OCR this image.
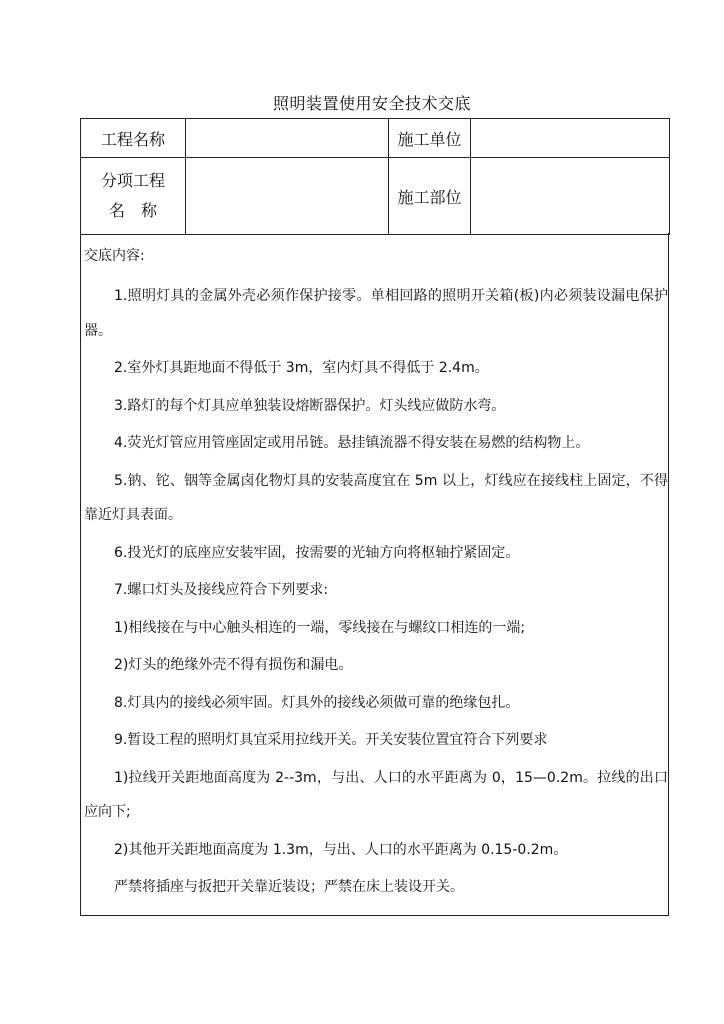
照明装置使用安全技术交底
工程名称		施工单位	

分项工程
名　称		施工部位	
交底内容:

1.照明灯具的金属外壳必须作保护接零。单相回路的照明开关箱(板)内必须装设漏电保护器。

2.室外灯具距地面不得低于 3m，室内灯具不得低于 2.4m。

3.路灯的每个灯具应单独装设熔断器保护。灯头线应做防水弯。

4.荧光灯管应用管座固定或用吊链。悬挂镇流器不得安装在易燃的结构物上。

5.钠、铊、铟等金属卤化物灯具的安装高度宜在 5m 以上，灯线应在接线柱上固定，不得靠近灯具表面。

6.投光灯的底座应安装牢固，按需要的光轴方向将枢轴拧紧固定。

7.螺口灯头及接线应符合下列要求:

1)相线接在与中心触头相连的一端，零线接在与螺纹口相连的一端;

2)灯头的绝缘外壳不得有损伤和漏电。

8.灯具内的接线必须牢固。灯具外的接线必须做可靠的绝缘包扎。

9.暂设工程的照明灯具宜采用拉线开关。开关安装位置宜符合下列要求

1)拉线开关距地面高度为 2--3m，与出、人口的水平距离为 0，15—0.2m。拉线的出口应向下;

2)其他开关距地面高度为 1.3m，与出、人口的水平距离为 0.15-0.2m。

严禁将插座与扳把开关靠近装设；严禁在床上装设开关。
